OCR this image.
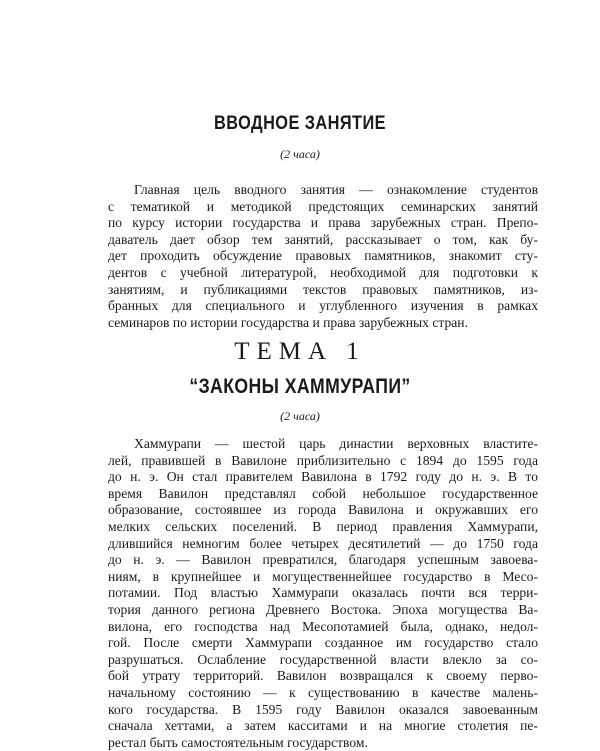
ВВОДНОЕ ЗАНЯТИЕ
(2 часа)
Главная цель вводного занятия — ознакомление студентов
с тематикой и методикой предстоящих семинарских занятий
по курсу истории государства и права зарубежных стран. Препо-
даватель дает обзор тем занятий, рассказывает о том, как бу-
дет проходить обсуждение правовых памятников, знакомит сту-
дентов с учебной литературой, необходимой для подготовки к
занятиям, и публикациями текстов правовых памятников, из-
бранных для специального и углубленного изучения в рамках
семинаров по истории государства и права зарубежных стран.
ТЕМА 1
“ЗАКОНЫ ХАММУРАПИ”
(2 часа)
Хаммурапи — шестой царь династии верховных властите-
лей, правившей в Вавилоне приблизительно с 1894 до 1595 года
до н. э. Он стал правителем Вавилона в 1792 году до н. э. В то
время Вавилон представлял собой небольшое государственное
образование, состоявшее из города Вавилона и окружавших его
мелких сельских поселений. В период правления Хаммурапи,
длившийся немногим более четырех десятилетий — до 1750 года
до н. э. — Вавилон превратился, благодаря успешным завоева-
ниям, в крупнейшее и могущественнейшее государство в Месо-
потамии. Под властью Хаммурапи оказалась почти вся терри-
тория данного региона Древнего Востока. Эпоха могущества Ва-
вилона, его господства над Месопотамией была, однако, недол-
гой. После смерти Хаммурапи созданное им государство стало
разрушаться. Ослабление государственной власти влекло за со-
бой утрату территорий. Вавилон возвращался к своему перво-
начальному состоянию — к существованию в качестве малень-
кого государства. В 1595 году Вавилон оказался завоеванным
сначала хеттами, а затем касситами и на многие столетия пе-
рестал быть самостоятельным государством.
